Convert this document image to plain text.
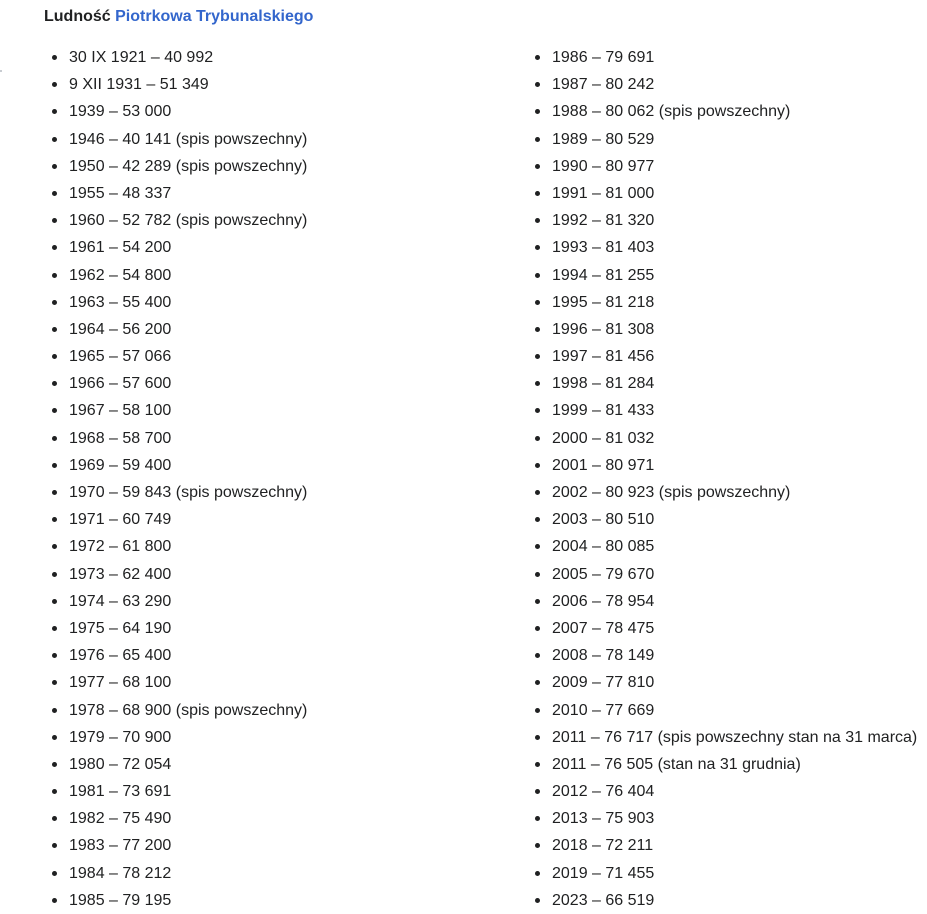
Ludność Piotrkowa Trybunalskiego
30 IX 1921 – 40 992
9 XII 1931 – 51 349
1939 – 53 000
1946 – 40 141 (spis powszechny)
1950 – 42 289 (spis powszechny)
1955 – 48 337
1960 – 52 782 (spis powszechny)
1961 – 54 200
1962 – 54 800
1963 – 55 400
1964 – 56 200
1965 – 57 066
1966 – 57 600
1967 – 58 100
1968 – 58 700
1969 – 59 400
1970 – 59 843 (spis powszechny)
1971 – 60 749
1972 – 61 800
1973 – 62 400
1974 – 63 290
1975 – 64 190
1976 – 65 400
1977 – 68 100
1978 – 68 900 (spis powszechny)
1979 – 70 900
1980 – 72 054
1981 – 73 691
1982 – 75 490
1983 – 77 200
1984 – 78 212
1985 – 79 195
1986 – 79 691
1987 – 80 242
1988 – 80 062 (spis powszechny)
1989 – 80 529
1990 – 80 977
1991 – 81 000
1992 – 81 320
1993 – 81 403
1994 – 81 255
1995 – 81 218
1996 – 81 308
1997 – 81 456
1998 – 81 284
1999 – 81 433
2000 – 81 032
2001 – 80 971
2002 – 80 923 (spis powszechny)
2003 – 80 510
2004 – 80 085
2005 – 79 670
2006 – 78 954
2007 – 78 475
2008 – 78 149
2009 – 77 810
2010 – 77 669
2011 – 76 717 (spis powszechny stan na 31 marca)
2011 – 76 505 (stan na 31 grudnia)
2012 – 76 404
2013 – 75 903
2018 – 72 211
2019 – 71 455
2023 – 66 519
